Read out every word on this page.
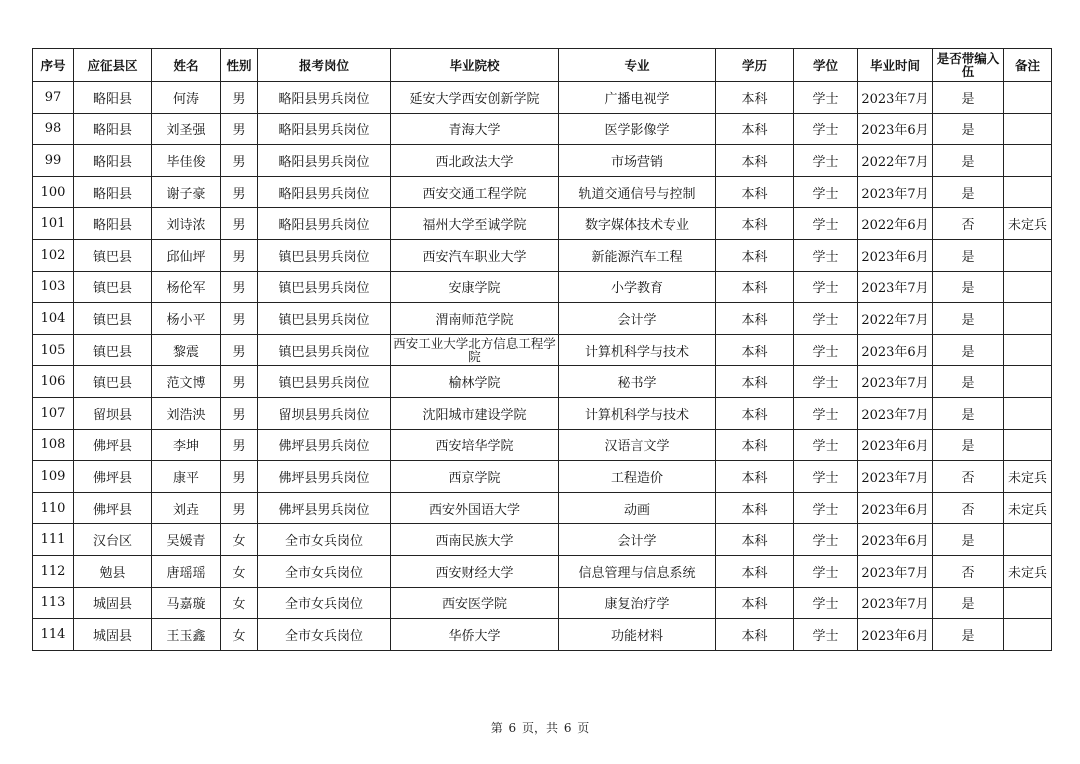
序号	应征县区	姓名	性别	报考岗位	毕业院校	专业	学历	学位	毕业时间	是否带编入伍	备注
97	略阳县	何涛	男	略阳县男兵岗位	延安大学西安创新学院	广播电视学	本科	学士	2023年7月	是	
98	略阳县	刘圣强	男	略阳县男兵岗位	青海大学	医学影像学	本科	学士	2023年6月	是	
99	略阳县	毕佳俊	男	略阳县男兵岗位	西北政法大学	市场营销	本科	学士	2022年7月	是	
100	略阳县	谢子豪	男	略阳县男兵岗位	西安交通工程学院	轨道交通信号与控制	本科	学士	2023年7月	是	
101	略阳县	刘诗浓	男	略阳县男兵岗位	福州大学至诚学院	数字媒体技术专业	本科	学士	2022年6月	否	未定兵
102	镇巴县	邱仙坪	男	镇巴县男兵岗位	西安汽车职业大学	新能源汽车工程	本科	学士	2023年6月	是	
103	镇巴县	杨伦军	男	镇巴县男兵岗位	安康学院	小学教育	本科	学士	2023年7月	是	
104	镇巴县	杨小平	男	镇巴县男兵岗位	渭南师范学院	会计学	本科	学士	2022年7月	是	
105	镇巴县	黎震	男	镇巴县男兵岗位	西安工业大学北方信息工程学院	计算机科学与技术	本科	学士	2023年6月	是	
106	镇巴县	范文博	男	镇巴县男兵岗位	榆林学院	秘书学	本科	学士	2023年7月	是	
107	留坝县	刘浩泱	男	留坝县男兵岗位	沈阳城市建设学院	计算机科学与技术	本科	学士	2023年7月	是	
108	佛坪县	李坤	男	佛坪县男兵岗位	西安培华学院	汉语言文学	本科	学士	2023年6月	是	
109	佛坪县	康平	男	佛坪县男兵岗位	西京学院	工程造价	本科	学士	2023年7月	否	未定兵
110	佛坪县	刘垚	男	佛坪县男兵岗位	西安外国语大学	动画	本科	学士	2023年6月	否	未定兵
111	汉台区	吴媛青	女	全市女兵岗位	西南民族大学	会计学	本科	学士	2023年6月	是	
112	勉县	唐瑶瑶	女	全市女兵岗位	西安财经大学	信息管理与信息系统	本科	学士	2023年7月	否	未定兵
113	城固县	马嘉璇	女	全市女兵岗位	西安医学院	康复治疗学	本科	学士	2023年7月	是	
114	城固县	王玉鑫	女	全市女兵岗位	华侨大学	功能材料	本科	学士	2023年6月	是	
第 6 页，共 6 页
